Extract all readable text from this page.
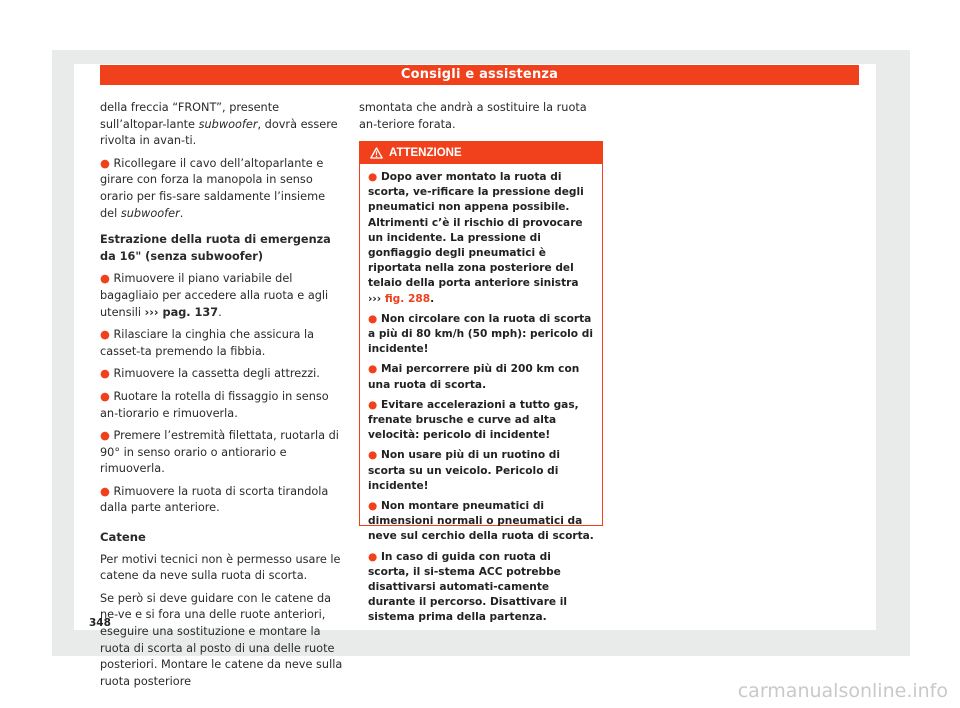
Consigli e assistenza

della freccia “FRONT”, presente sull’altopar-lante subwoofer, dovrà essere rivolta in avan-ti.

● Ricollegare il cavo dell’altoparlante e girare con forza la manopola in senso orario per fis-sare saldamente l’insieme del subwoofer.

Estrazione della ruota di emergenza da 16" (senza subwoofer)

● Rimuovere il piano variabile del bagagliaio per accedere alla ruota e agli utensili ››› pag. 137.

● Rilasciare la cinghia che assicura la casset-ta premendo la fibbia.

● Rimuovere la cassetta degli attrezzi.

● Ruotare la rotella di fissaggio in senso an-tiorario e rimuoverla.

● Premere l’estremità filettata, ruotarla di 90° in senso orario o antiorario e rimuoverla.

● Rimuovere la ruota di scorta tirandola dalla parte anteriore.

Catene

Per motivi tecnici non è permesso usare le catene da neve sulla ruota di scorta.

Se però si deve guidare con le catene da ne-ve e si fora una delle ruote anteriori, eseguire una sostituzione e montare la ruota di scorta al posto di una delle ruote posteriori. Montare le catene da neve sulla ruota posteriore

smontata che andrà a sostituire la ruota an-teriore forata.

ATTENZIONE

● Dopo aver montato la ruota di scorta, ve-rificare la pressione degli pneumatici non appena possibile. Altrimenti c’è il rischio di provocare un incidente. La pressione di gonfiaggio degli pneumatici è riportata nella zona posteriore del telaio della porta anteriore sinistra ››› fig. 288.

● Non circolare con la ruota di scorta a più di 80 km/h (50 mph): pericolo di incidente!

● Mai percorrere più di 200 km con una ruota di scorta.

● Evitare accelerazioni a tutto gas, frenate brusche e curve ad alta velocità: pericolo di incidente!

● Non usare più di un ruotino di scorta su un veicolo. Pericolo di incidente!

● Non montare pneumatici di dimensioni normali o pneumatici da neve sul cerchio della ruota di scorta.

● In caso di guida con ruota di scorta, il si-stema ACC potrebbe disattivarsi automati-camente durante il percorso. Disattivare il sistema prima della partenza.

348
carmanualsonline.info
